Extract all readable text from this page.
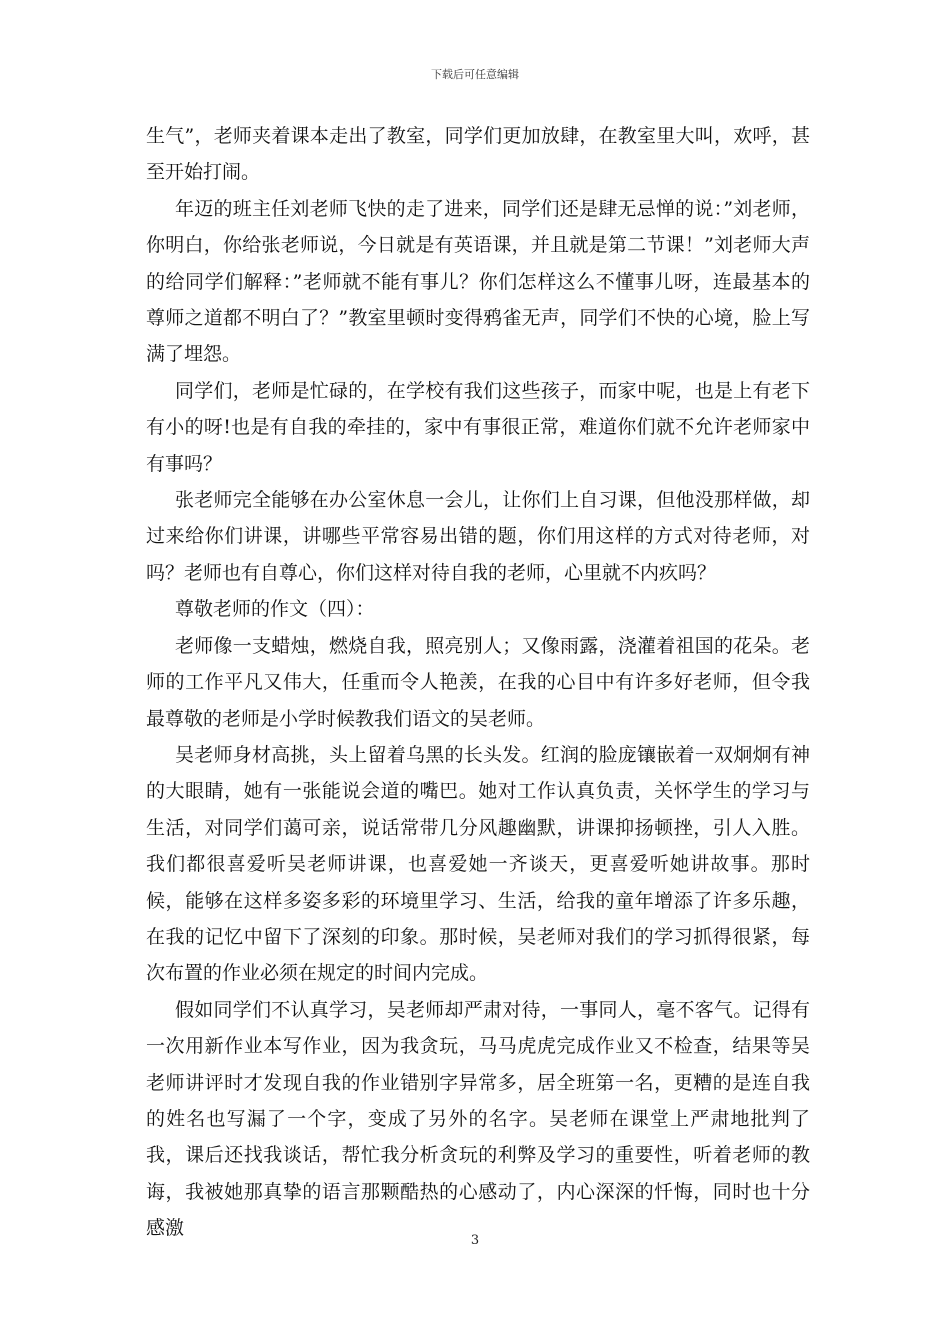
下载后可任意编辑

生气”，老师夹着课本走出了教室，同学们更加放肆，在教室里大叫，欢呼，甚至开始打闹。

年迈的班主任刘老师飞快的走了进来，同学们还是肆无忌惮的说：”刘老师，你明白，你给张老师说，今日就是有英语课，并且就是第二节课！”刘老师大声的给同学们解释：”老师就不能有事儿？你们怎样这么不懂事儿呀，连最基本的尊师之道都不明白了？”教室里顿时变得鸦雀无声，同学们不快的心境，脸上写满了埋怨。

同学们，老师是忙碌的，在学校有我们这些孩子，而家中呢，也是上有老下有小的呀!也是有自我的牵挂的，家中有事很正常，难道你们就不允许老师家中有事吗？

张老师完全能够在办公室休息一会儿，让你们上自习课，但他没那样做，却过来给你们讲课，讲哪些平常容易出错的题，你们用这样的方式对待老师，对吗？老师也有自尊心，你们这样对待自我的老师，心里就不内疚吗？

尊敬老师的作文（四）：

老师像一支蜡烛，燃烧自我，照亮别人；又像雨露，浇灌着祖国的花朵。老师的工作平凡又伟大，任重而令人艳羡，在我的心目中有许多好老师，但令我最尊敬的老师是小学时候教我们语文的吴老师。

吴老师身材高挑，头上留着乌黑的长头发。红润的脸庞镶嵌着一双炯炯有神的大眼睛，她有一张能说会道的嘴巴。她对工作认真负责，关怀学生的学习与生活，对同学们蔼可亲，说话常带几分风趣幽默，讲课抑扬顿挫，引人入胜。我们都很喜爱听吴老师讲课，也喜爱她一齐谈天，更喜爱听她讲故事。那时候，能够在这样多姿多彩的环境里学习、生活，给我的童年增添了许多乐趣，在我的记忆中留下了深刻的印象。那时候，吴老师对我们的学习抓得很紧，每次布置的作业必须在规定的时间内完成。

假如同学们不认真学习，吴老师却严肃对待，一事同人，毫不客气。记得有一次用新作业本写作业，因为我贪玩，马马虎虎完成作业又不检查，结果等吴老师讲评时才发现自我的作业错别字异常多，居全班第一名，更糟的是连自我的姓名也写漏了一个字，变成了另外的名字。吴老师在课堂上严肃地批判了我，课后还找我谈话，帮忙我分析贪玩的利弊及学习的重要性，听着老师的教诲，我被她那真挚的语言那颗酷热的心感动了，内心深深的忏悔，同时也十分感激

3
